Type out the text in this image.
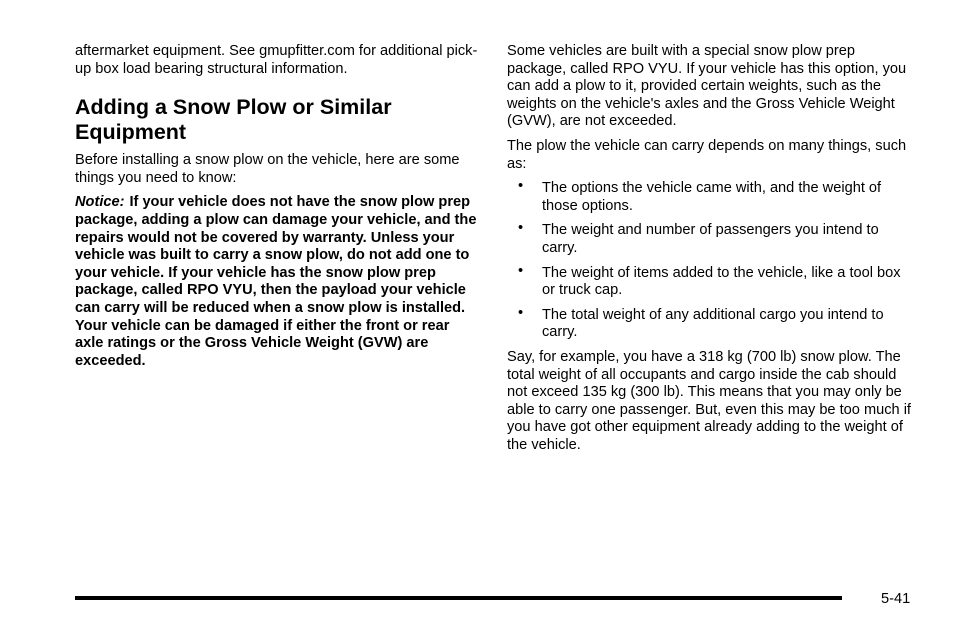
aftermarket equipment. See gmupfitter.com for additional pick-up box load bearing structural information.

Adding a Snow Plow or Similar Equipment

Before installing a snow plow on the vehicle, here are some things you need to know:

Notice: If your vehicle does not have the snow plow prep package, adding a plow can damage your vehicle, and the repairs would not be covered by warranty. Unless your vehicle was built to carry a snow plow, do not add one to your vehicle. If your vehicle has the snow plow prep package, called RPO VYU, then the payload your vehicle can carry will be reduced when a snow plow is installed. Your vehicle can be damaged if either the front or rear axle ratings or the Gross Vehicle Weight (GVW) are exceeded.

Some vehicles are built with a special snow plow prep package, called RPO VYU. If your vehicle has this option, you can add a plow to it, provided certain weights, such as the weights on the vehicle's axles and the Gross Vehicle Weight (GVW), are not exceeded.

The plow the vehicle can carry depends on many things, such as:

• The options the vehicle came with, and the weight of those options.
• The weight and number of passengers you intend to carry.
• The weight of items added to the vehicle, like a tool box or truck cap.
• The total weight of any additional cargo you intend to carry.

Say, for example, you have a 318 kg (700 lb) snow plow. The total weight of all occupants and cargo inside the cab should not exceed 135 kg (300 lb). This means that you may only be able to carry one passenger. But, even this may be too much if you have got other equipment already adding to the weight of the vehicle.

5-41
